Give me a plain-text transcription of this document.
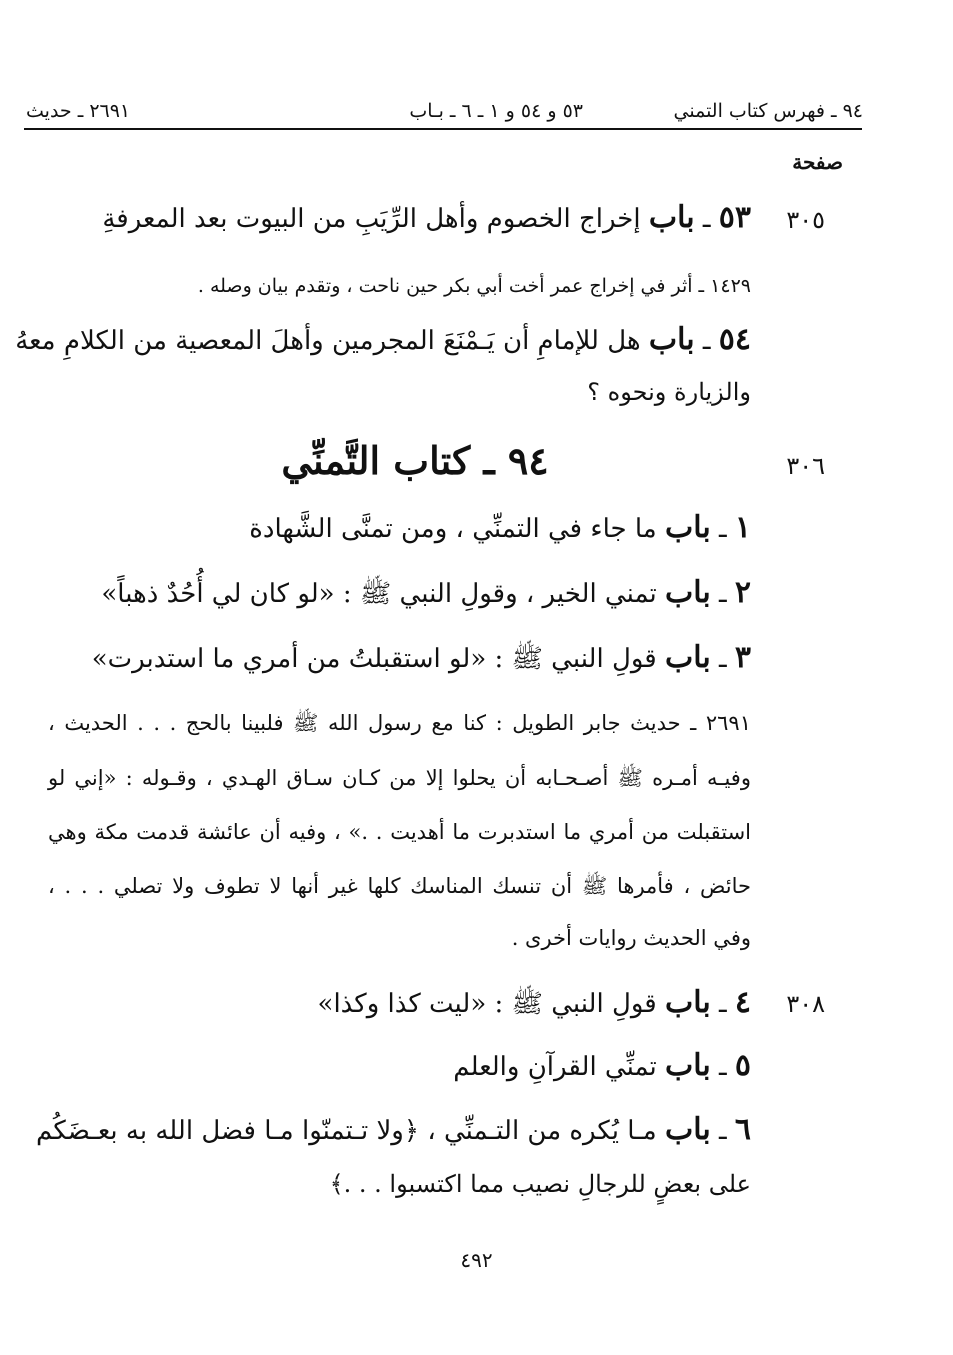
٩٤ ـ فهرس كتاب التمني
٥٣ و ٥٤ و ١ ـ ٦ ـ بـاب
٢٦٩١ ـ حديث
صفحة
٣٠٥
٥٣ ـ باب إخراج الخصوم وأهل الرِّيَبِ من البيوت بعد المعرفةِ
١٤٢٩ ـ أثر في إخراج عمر أخت أبي بكر حين ناحت ، وتقدم بيان وصله .
٥٤ ـ باب هل للإمامِ أن يَـمْنَعَ المجرمين وأهلَ المعصية من الكلامِ معهُ
والزيارة ونحوه ؟
٣٠٦
٩٤ ـ كتاب التَّمنِّي
١ ـ باب ما جاء في التمنِّي ، ومن تمنَّى الشَّهادة
٢ ـ باب تمني الخير ، وقولِ النبي ﷺ : «لو كان لي أُحُدٌ ذهباً»
٣ ـ باب قولِ النبي ﷺ : «لو استقبلتُ من أمري ما استدبرت»
٢٦٩١ ـ حديث جابر الطويل : كنا مع رسول الله ﷺ فلبينا بالحج . . . الحديث ،
وفيـه أمـره ﷺ أصـحـابه أن يحلوا إلا من كـان سـاق الهـدي ، وقـوله : «إني لو
استقبلت من أمري ما استدبرت ما أهديت . .» ، وفيه أن عائشة قدمت مكة وهي
حائض ، فأمرها ﷺ أن تنسك المناسك كلها غير أنها لا تطوف ولا تصلي . . . ،
وفي الحديث روايات أخرى .
٣٠٨
٤ ـ باب قولِ النبي ﷺ : «ليت كذا وكذا»
٥ ـ باب تمنِّي القرآنِ والعلم
٦ ـ باب مـا يُكره من التـمنِّي ، ﴿ولا تـتمنّوا مـا فضل الله به بعـضَكُم
على بعضٍ للرجالِ نصيب مما اكتسبوا . . .﴾
٤٩٢
